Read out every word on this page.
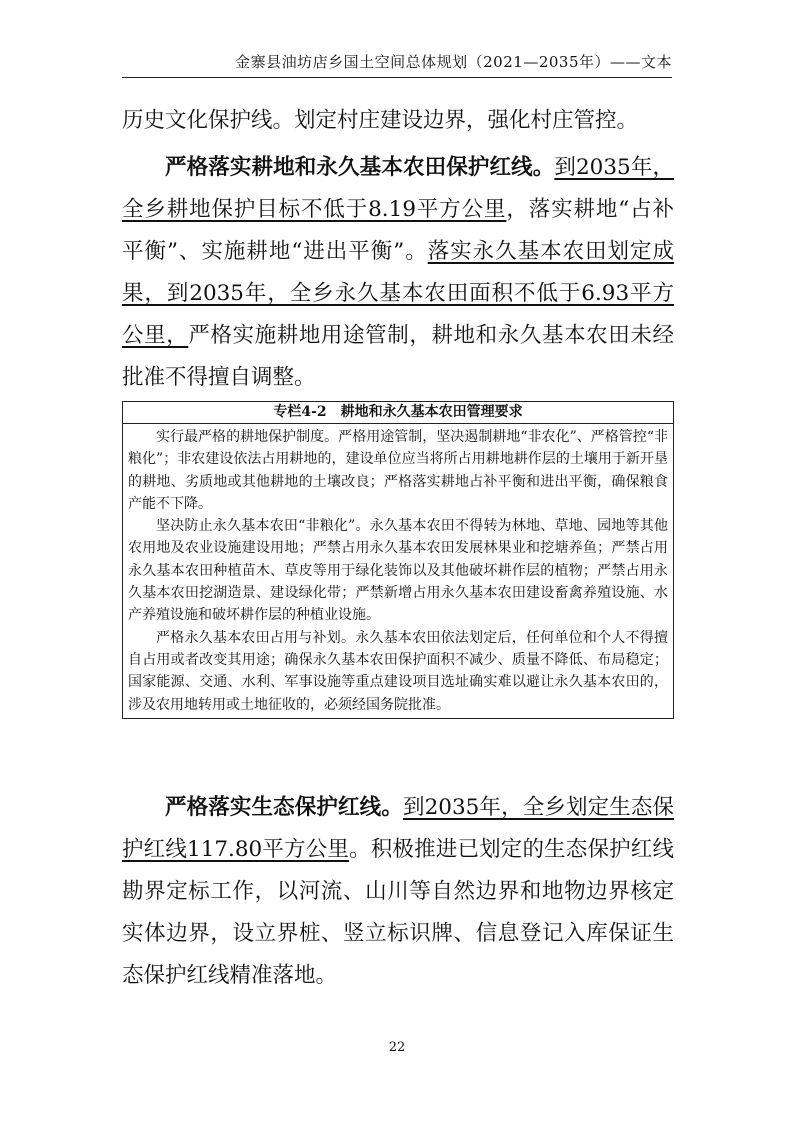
金寨县油坊店乡国土空间总体规划（2021—2035年）——文本
历史文化保护线。划定村庄建设边界，强化村庄管控。
严格落实耕地和永久基本农田保护红线。到2035年，全乡耕地保护目标不低于8.19平方公里，落实耕地“占补平衡”、实施耕地“进出平衡”。落实永久基本农田划定成果，到2035年，全乡永久基本农田面积不低于6.93平方公里，严格实施耕地用途管制，耕地和永久基本农田未经批准不得擅自调整。
专栏4-2　耕地和永久基本农田管理要求

实行最严格的耕地保护制度。严格用途管制，坚决遏制耕地“非农化”、严格管控“非粮化”；非农建设依法占用耕地的，建设单位应当将所占用耕地耕作层的土壤用于新开垦的耕地、劣质地或其他耕地的土壤改良；严格落实耕地占补平衡和进出平衡，确保粮食产能不下降。

坚决防止永久基本农田“非粮化”。永久基本农田不得转为林地、草地、园地等其他农用地及农业设施建设用地；严禁占用永久基本农田发展林果业和挖塘养鱼；严禁占用永久基本农田种植苗木、草皮等用于绿化装饰以及其他破坏耕作层的植物；严禁占用永久基本农田挖湖造景、建设绿化带；严禁新增占用永久基本农田建设畜禽养殖设施、水产养殖设施和破坏耕作层的种植业设施。

严格永久基本农田占用与补划。永久基本农田依法划定后，任何单位和个人不得擅自占用或者改变其用途；确保永久基本农田保护面积不减少、质量不降低、布局稳定；国家能源、交通、水利、军事设施等重点建设项目选址确实难以避让永久基本农田的，涉及农用地转用或土地征收的，必须经国务院批准。

严格落实生态保护红线。到2035年，全乡划定生态保护红线117.80平方公里。积极推进已划定的生态保护红线勘界定标工作，以河流、山川等自然边界和地物边界核定实体边界，设立界桩、竖立标识牌、信息登记入库保证生态保护红线精准落地。
22
